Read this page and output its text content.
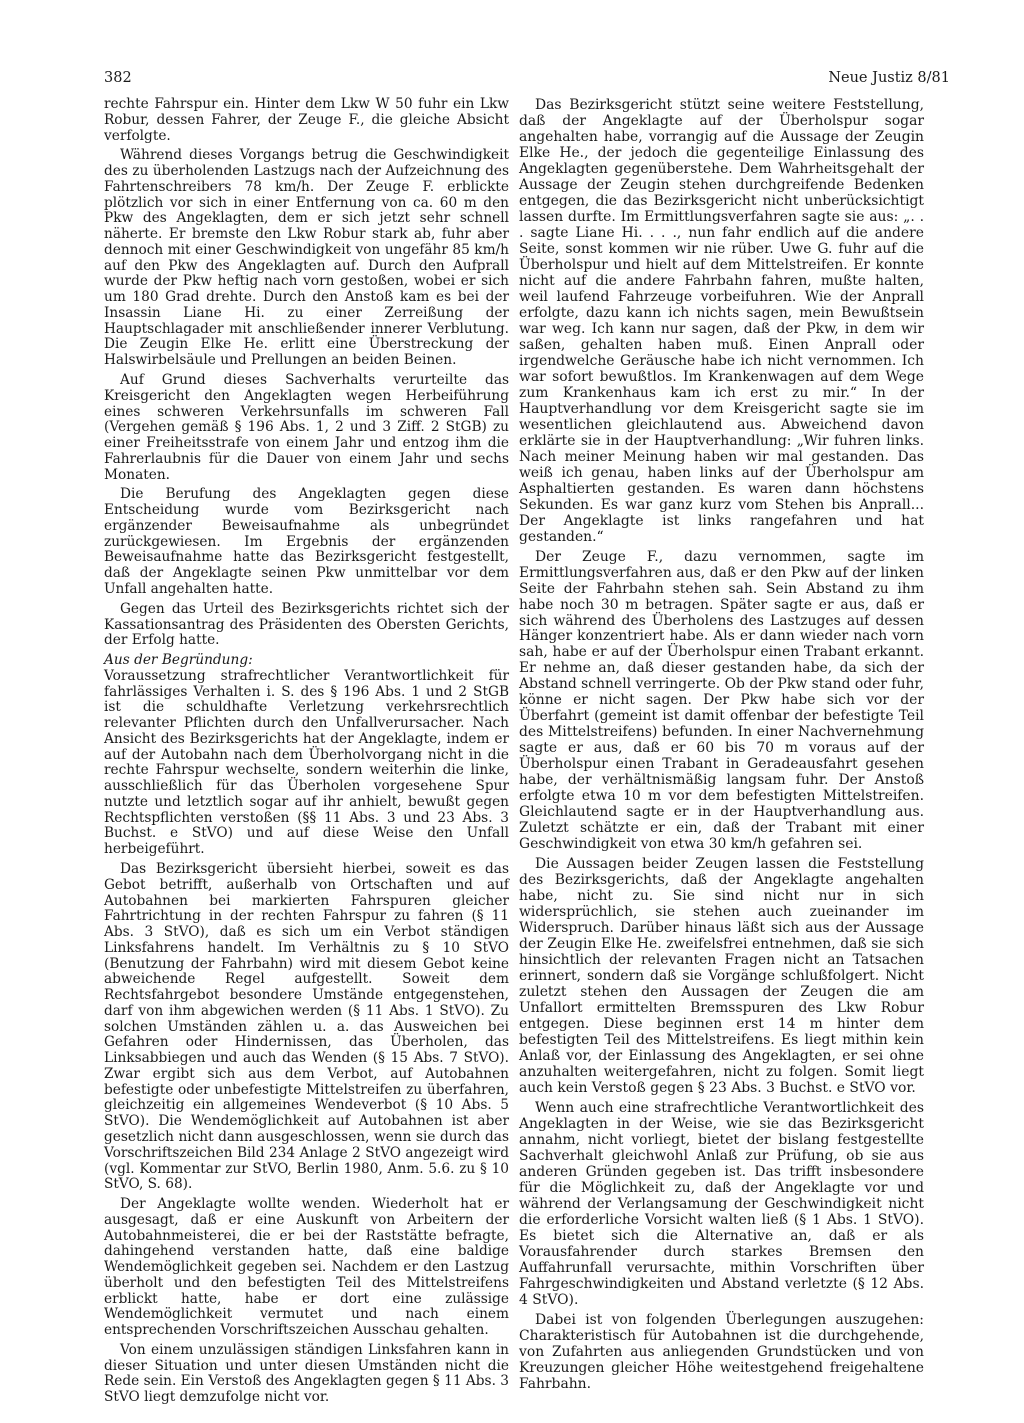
382	Neue Justiz 8/81

rechte Fahrspur ein. Hinter dem Lkw W 50 fuhr ein Lkw Robur, dessen Fahrer, der Zeuge F., die gleiche Absicht verfolgte.

Während dieses Vorgangs betrug die Geschwindigkeit des zu überholenden Lastzugs nach der Aufzeichnung des Fahrtenschreibers 78 km/h. Der Zeuge F. erblickte plötzlich vor sich in einer Entfernung von ca. 60 m den Pkw des Angeklagten, dem er sich jetzt sehr schnell näherte. Er bremste den Lkw Robur stark ab, fuhr aber dennoch mit einer Geschwindigkeit von ungefähr 85 km/h auf den Pkw des Angeklagten auf. Durch den Aufprall wurde der Pkw heftig nach vorn gestoßen, wobei er sich um 180 Grad drehte. Durch den Anstoß kam es bei der Insassin Liane Hi. zu einer Zerreißung der Hauptschlagader mit anschließender innerer Verblutung. Die Zeugin Elke He. erlitt eine Überstreckung der Halswirbelsäule und Prellungen an beiden Beinen.

Auf Grund dieses Sachverhalts verurteilte das Kreisgericht den Angeklagten wegen Herbeiführung eines schweren Verkehrsunfalls im schweren Fall (Vergehen gemäß § 196 Abs. 1, 2 und 3 Ziff. 2 StGB) zu einer Freiheitsstrafe von einem Jahr und entzog ihm die Fahrerlaubnis für die Dauer von einem Jahr und sechs Monaten.

Die Berufung des Angeklagten gegen diese Entscheidung wurde vom Bezirksgericht nach ergänzender Beweisaufnahme als unbegründet zurückgewiesen. Im Ergebnis der ergänzenden Beweisaufnahme hatte das Bezirksgericht festgestellt, daß der Angeklagte seinen Pkw unmittelbar vor dem Unfall angehalten hatte.

Gegen das Urteil des Bezirksgerichts richtet sich der Kassationsantrag des Präsidenten des Obersten Gerichts, der Erfolg hatte.

Aus der Begründung:

Voraussetzung strafrechtlicher Verantwortlichkeit für fahrlässiges Verhalten i. S. des § 196 Abs. 1 und 2 StGB ist die schuldhafte Verletzung verkehrsrechtlich relevanter Pflichten durch den Unfallverursacher. Nach Ansicht des Bezirksgerichts hat der Angeklagte, indem er auf der Autobahn nach dem Überholvorgang nicht in die rechte Fahrspur wechselte, sondern weiterhin die linke, ausschließlich für das Überholen vorgesehene Spur nutzte und letztlich sogar auf ihr anhielt, bewußt gegen Rechtspflichten verstoßen (§§ 11 Abs. 3 und 23 Abs. 3 Buchst. e StVO) und auf diese Weise den Unfall herbeigeführt.

Das Bezirksgericht übersieht hierbei, soweit es das Gebot betrifft, außerhalb von Ortschaften und auf Autobahnen bei markierten Fahrspuren gleicher Fahrtrichtung in der rechten Fahrspur zu fahren (§ 11 Abs. 3 StVO), daß es sich um ein Verbot ständigen Linksfahrens handelt. Im Verhältnis zu § 10 StVO (Benutzung der Fahrbahn) wird mit diesem Gebot keine abweichende Regel aufgestellt. Soweit dem Rechtsfahrgebot besondere Umstände entgegenstehen, darf von ihm abgewichen werden (§ 11 Abs. 1 StVO). Zu solchen Umständen zählen u. a. das Ausweichen bei Gefahren oder Hindernissen, das Überholen, das Linksabbiegen und auch das Wenden (§ 15 Abs. 7 StVO). Zwar ergibt sich aus dem Verbot, auf Autobahnen befestigte oder unbefestigte Mittelstreifen zu überfahren, gleichzeitig ein allgemeines Wendeverbot (§ 10 Abs. 5 StVO). Die Wendemöglichkeit auf Autobahnen ist aber gesetzlich nicht dann ausgeschlossen, wenn sie durch das Vorschriftszeichen Bild 234 Anlage 2 StVO angezeigt wird (vgl. Kommentar zur StVO, Berlin 1980, Anm. 5.6. zu § 10 StVO, S. 68).

Der Angeklagte wollte wenden. Wiederholt hat er ausgesagt, daß er eine Auskunft von Arbeitern der Autobahnmeisterei, die er bei der Raststätte befragte, dahingehend verstanden hatte, daß eine baldige Wendemöglichkeit gegeben sei. Nachdem er den Lastzug überholt und den befestigten Teil des Mittelstreifens erblickt hatte, habe er dort eine zulässige Wendemöglichkeit vermutet und nach einem entsprechenden Vorschriftszeichen Ausschau gehalten.

Von einem unzulässigen ständigen Linksfahren kann in dieser Situation und unter diesen Umständen nicht die Rede sein. Ein Verstoß des Angeklagten gegen § 11 Abs. 3 StVO liegt demzufolge nicht vor.

Das Bezirksgericht stützt seine weitere Feststellung, daß der Angeklagte auf der Überholspur sogar angehalten habe, vorrangig auf die Aussage der Zeugin Elke He., der jedoch die gegenteilige Einlassung des Angeklagten gegenüberstehe. Dem Wahrheitsgehalt der Aussage der Zeugin stehen durchgreifende Bedenken entgegen, die das Bezirksgericht nicht unberücksichtigt lassen durfte. Im Ermittlungsverfahren sagte sie aus: „. . . sagte Liane Hi. . . ., nun fahr endlich auf die andere Seite, sonst kommen wir nie rüber. Uwe G. fuhr auf die Überholspur und hielt auf dem Mittelstreifen. Er konnte nicht auf die andere Fahrbahn fahren, mußte halten, weil laufend Fahrzeuge vorbeifuhren. Wie der Anprall erfolgte, dazu kann ich nichts sagen, mein Bewußtsein war weg. Ich kann nur sagen, daß der Pkw, in dem wir saßen, gehalten haben muß. Einen Anprall oder irgendwelche Geräusche habe ich nicht vernommen. Ich war sofort bewußtlos. Im Krankenwagen auf dem Wege zum Krankenhaus kam ich erst zu mir.“ In der Hauptverhandlung vor dem Kreisgericht sagte sie im wesentlichen gleichlautend aus. Abweichend davon erklärte sie in der Hauptverhandlung: „Wir fuhren links. Nach meiner Meinung haben wir mal gestanden. Das weiß ich genau, haben links auf der Überholspur am Asphaltierten gestanden. Es waren dann höchstens Sekunden. Es war ganz kurz vom Stehen bis Anprall... Der Angeklagte ist links rangefahren und hat gestanden.“

Der Zeuge F., dazu vernommen, sagte im Ermittlungsverfahren aus, daß er den Pkw auf der linken Seite der Fahrbahn stehen sah. Sein Abstand zu ihm habe noch 30 m betragen. Später sagte er aus, daß er sich während des Überholens des Lastzuges auf dessen Hänger konzentriert habe. Als er dann wieder nach vorn sah, habe er auf der Überholspur einen Trabant erkannt. Er nehme an, daß dieser gestanden habe, da sich der Abstand schnell verringerte. Ob der Pkw stand oder fuhr, könne er nicht sagen. Der Pkw habe sich vor der Überfahrt (gemeint ist damit offenbar der befestigte Teil des Mittelstreifens) befunden. In einer Nachvernehmung sagte er aus, daß er 60 bis 70 m voraus auf der Überholspur einen Trabant in Geradeausfahrt gesehen habe, der verhältnismäßig langsam fuhr. Der Anstoß erfolgte etwa 10 m vor dem befestigten Mittelstreifen. Gleichlautend sagte er in der Hauptverhandlung aus. Zuletzt schätzte er ein, daß der Trabant mit einer Geschwindigkeit von etwa 30 km/h gefahren sei.

Die Aussagen beider Zeugen lassen die Feststellung des Bezirksgerichts, daß der Angeklagte angehalten habe, nicht zu. Sie sind nicht nur in sich widersprüchlich, sie stehen auch zueinander im Widerspruch. Darüber hinaus läßt sich aus der Aussage der Zeugin Elke He. zweifelsfrei entnehmen, daß sie sich hinsichtlich der relevanten Fragen nicht an Tatsachen erinnert, sondern daß sie Vorgänge schlußfolgert. Nicht zuletzt stehen den Aussagen der Zeugen die am Unfallort ermittelten Bremsspuren des Lkw Robur entgegen. Diese beginnen erst 14 m hinter dem befestigten Teil des Mittelstreifens. Es liegt mithin kein Anlaß vor, der Einlassung des Angeklagten, er sei ohne anzuhalten weitergefahren, nicht zu folgen. Somit liegt auch kein Verstoß gegen § 23 Abs. 3 Buchst. e StVO vor.

Wenn auch eine strafrechtliche Verantwortlichkeit des Angeklagten in der Weise, wie sie das Bezirksgericht annahm, nicht vorliegt, bietet der bislang festgestellte Sachverhalt gleichwohl Anlaß zur Prüfung, ob sie aus anderen Gründen gegeben ist. Das trifft insbesondere für die Möglichkeit zu, daß der Angeklagte vor und während der Verlangsamung der Geschwindigkeit nicht die erforderliche Vorsicht walten ließ (§ 1 Abs. 1 StVO). Es bietet sich die Alternative an, daß er als Vorausfahrender durch starkes Bremsen den Auffahrunfall verursachte, mithin Vorschriften über Fahrgeschwindigkeiten und Abstand verletzte (§ 12 Abs. 4 StVO).

Dabei ist von folgenden Überlegungen auszugehen: Charakteristisch für Autobahnen ist die durchgehende, von Zufahrten aus anliegenden Grundstücken und von Kreuzungen gleicher Höhe weitestgehend freigehaltene Fahrbahn.
